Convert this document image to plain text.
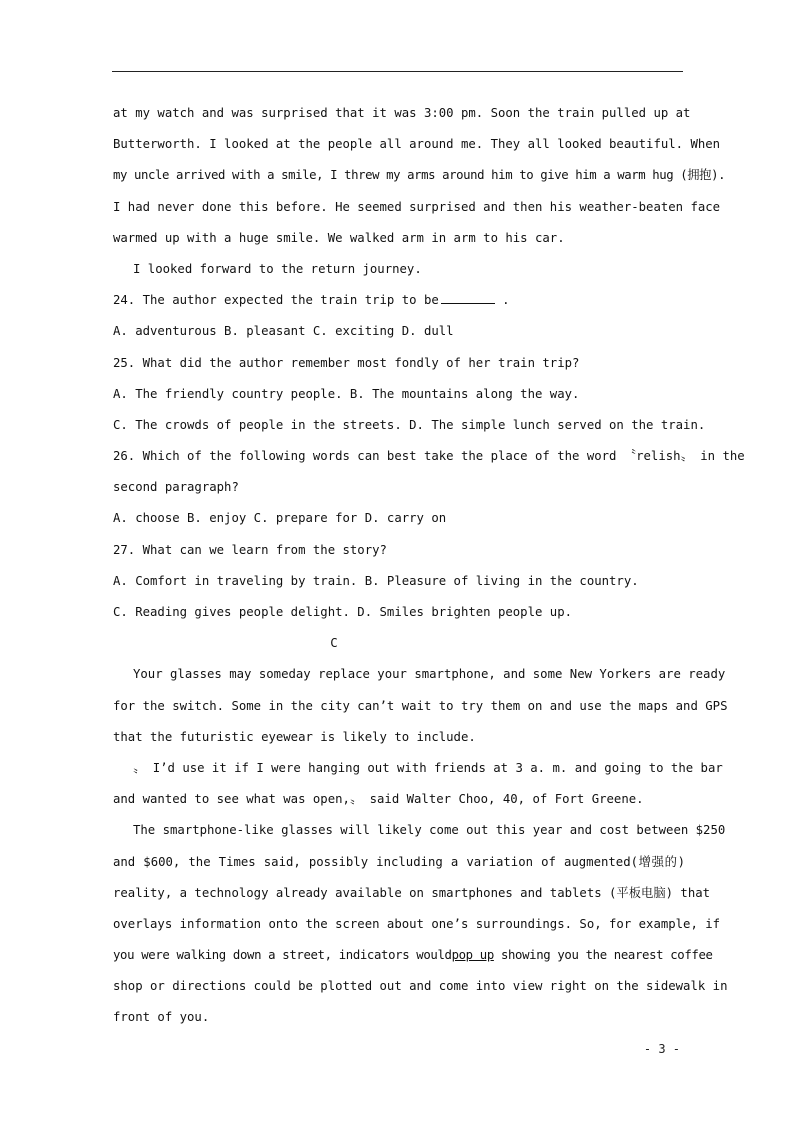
at my watch and was surprised that it was 3:00 pm. Soon the train pulled up at
Butterworth. I looked at the people all around me. They all looked beautiful. When
my uncle arrived with a smile, I threw my arms around him to give him a warm hug (拥抱).
I had never done this before. He seemed surprised and then his weather-beaten face
warmed up with a huge smile. We walked arm in arm to his car.
I looked forward to the return journey.
24. The author expected the train trip to be	.
A. adventurous B. pleasant C. exciting D. dull
25. What did the author remember most fondly of her train trip?
A. The friendly country people. B. The mountains along the way.
C. The crowds of people in the streets. D. The simple lunch served on the train.
26. Which of the following words can best take the place of the word 〝relish〟 in the
second paragraph?
A. choose B. enjoy C. prepare for D. carry on
27. What can we learn from the story?
A. Comfort in traveling by train. B. Pleasure of living in the country.
C. Reading gives people delight. D. Smiles brighten people up.
C
Your glasses may someday replace your smartphone, and some New Yorkers are ready
for the switch. Some in the city can’t wait to try them on and use the maps and GPS
that the futuristic eyewear is likely to include.
〟 I’d use it if I were hanging out with friends at 3 a. m. and going to the bar
and wanted to see what was open,〟 said Walter Choo, 40, of Fort Greene.
The smartphone-like glasses will likely come out this year and cost between $250
and $600, the Times said, possibly including a variation of augmented(增强的)
reality, a technology already available on smartphones and tablets (平板电脑) that
overlays information onto the screen about one’s surroundings. So, for example, if
you were walking down a street, indicators wouldpop up showing you the nearest coffee
shop or directions could be plotted out and come into view right on the sidewalk in
front of you.
- 3 -
